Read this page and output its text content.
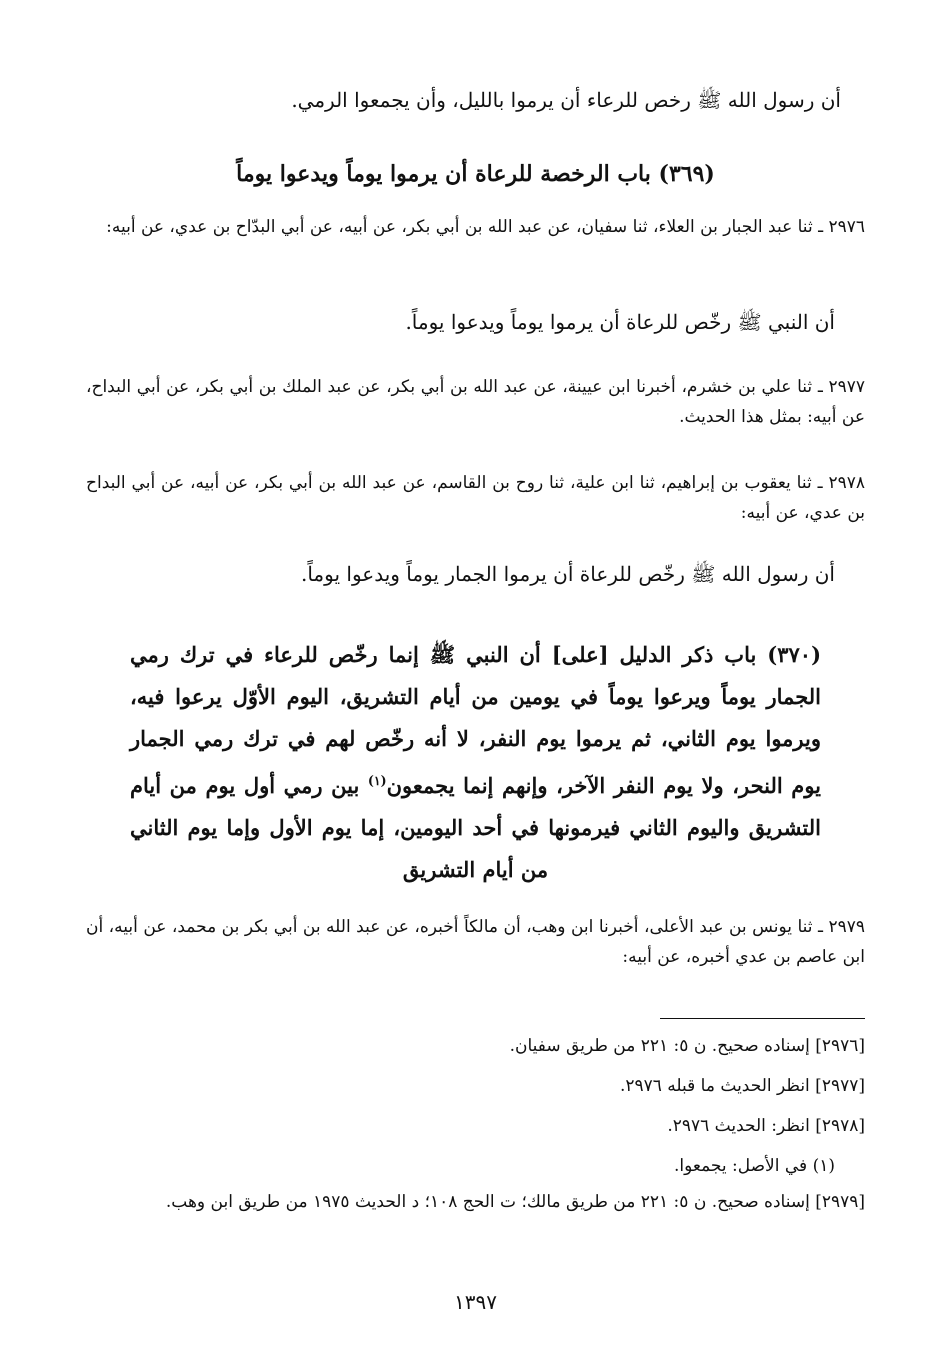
أن رسول الله ﷺ رخص للرعاء أن يرموا بالليل، وأن يجمعوا الرمي.
(٣٦٩) باب الرخصة للرعاة أن يرموا يوماً ويدعوا يوماً
٢٩٧٦ ـ ثنا عبد الجبار بن العلاء، ثنا سفيان، عن عبد الله بن أبي بكر، عن أبيه، عن أبي البدّاح بن عدي، عن أبيه:
أن النبي ﷺ رخّص للرعاة أن يرموا يوماً ويدعوا يوماً.
٢٩٧٧ ـ ثنا علي بن خشرم، أخبرنا ابن عيينة، عن عبد الله بن أبي بكر، عن عبد الملك بن أبي بكر، عن أبي البداح، عن أبيه: بمثل هذا الحديث.
٢٩٧٨ ـ ثنا يعقوب بن إبراهيم، ثنا ابن علية، ثنا روح بن القاسم، عن عبد الله بن أبي بكر، عن أبيه، عن أبي البداح بن عدي، عن أبيه:
أن رسول الله ﷺ رخّص للرعاة أن يرموا الجمار يوماً ويدعوا يوماً.
(٣٧٠) باب ذكر الدليل [على] أن النبي ﷺ إنما رخّص للرعاء في ترك رمي الجمار يوماً ويرعوا يوماً في يومين من أيام التشريق، اليوم الأوّل يرعوا فيه، ويرموا يوم الثاني، ثم يرموا يوم النفر، لا أنه رخّص لهم في ترك رمي الجمار يوم النحر، ولا يوم النفر الآخر، وإنهم إنما يجمعون$^{(١)}$ بين رمي أول يوم من أيام التشريق واليوم الثاني فيرمونها في أحد اليومين، إما يوم الأول وإما يوم الثاني من أيام التشريق
٢٩٧٩ ـ ثنا يونس بن عبد الأعلى، أخبرنا ابن وهب، أن مالكاً أخبره، عن عبد الله بن أبي بكر بن محمد، عن أبيه، أن ابن عاصم بن عدي أخبره، عن أبيه:
[٢٩٧٦] إسناده صحيح. ن ٥: ٢٢١ من طريق سفيان.
[٢٩٧٧] انظر الحديث ما قبله ٢٩٧٦.
[٢٩٧٨] انظر: الحديث ٢٩٧٦.
(١) في الأصل: يجمعوا.
[٢٩٧٩] إسناده صحيح. ن ٥: ٢٢١ من طريق مالك؛ ت الحج ١٠٨؛ د الحديث ١٩٧٥ من طريق ابن وهب.
١٣٩٧
